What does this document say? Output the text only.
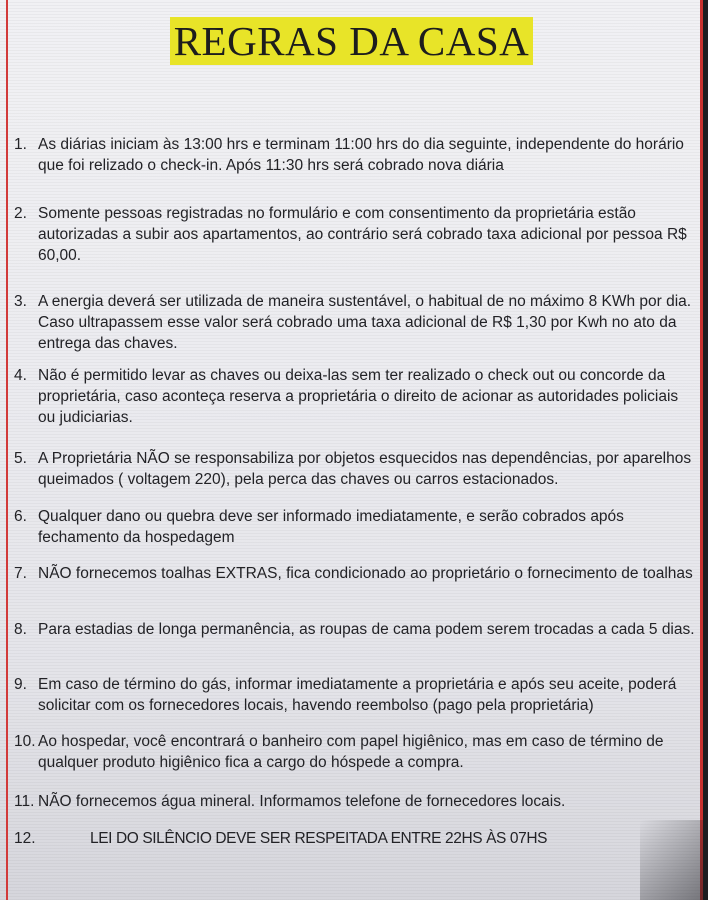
REGRAS DA CASA
1. As diárias iniciam às 13:00 hrs e terminam 11:00 hrs do dia seguinte, independente do horário que foi relizado o check-in. Após 11:30 hrs será cobrado nova diária
2. Somente pessoas registradas no formulário e com consentimento da proprietária estão autorizadas a subir aos apartamentos, ao contrário será cobrado taxa adicional por pessoa R$ 60,00.
3. A energia deverá ser utilizada de maneira sustentável, o habitual de no máximo 8 KWh por dia. Caso ultrapassem esse valor será cobrado uma taxa adicional de R$ 1,30 por Kwh no ato da entrega das chaves.
4. Não é permitido levar as chaves ou deixa-las sem ter realizado o check out ou concorde da proprietária, caso aconteça reserva a proprietária o direito de acionar as autoridades policiais ou judiciarias.
5. A Proprietária NÃO se responsabiliza por objetos esquecidos nas dependências, por aparelhos queimados ( voltagem 220), pela perca das chaves ou carros estacionados.
6. Qualquer dano ou quebra deve ser informado imediatamente, e serão cobrados após fechamento da hospedagem
7. NÃO fornecemos toalhas EXTRAS, fica condicionado ao proprietário o fornecimento de toalhas
8. Para estadias de longa permanência, as roupas de cama podem serem trocadas a cada 5 dias.
9. Em caso de término do gás, informar imediatamente a proprietária e após seu aceite, poderá solicitar com os fornecedores locais, havendo reembolso (pago pela proprietária)
10. Ao hospedar, você encontrará o banheiro com papel higiênico, mas em caso de término de qualquer produto higiênico fica a cargo do hóspede a compra.
11. NÃO fornecemos água mineral. Informamos telefone de fornecedores locais.
12.	LEI DO SILÊNCIO DEVE SER RESPEITADA ENTRE 22HS ÀS 07HS
